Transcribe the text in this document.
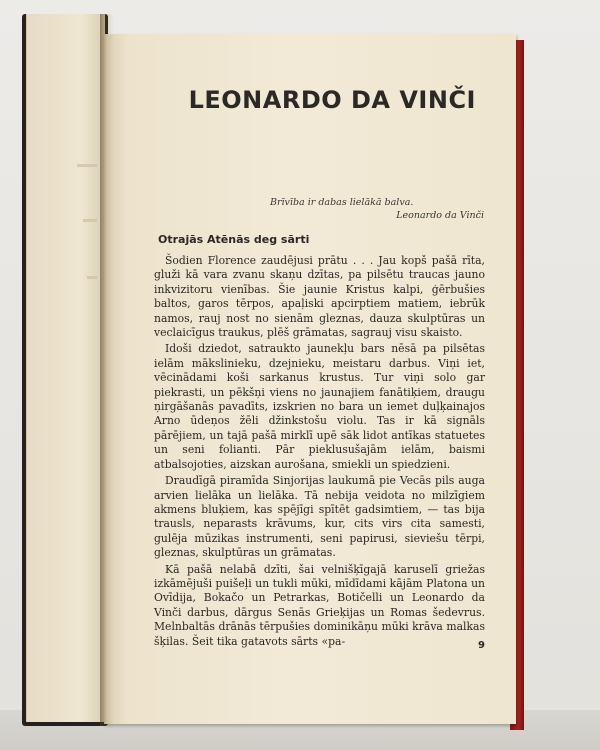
LEONARDO DA VINČI
Brīvība ir dabas lielākā balva.
Leonardo da Vinči
Otrajās Atēnās deg sārti

Šodien Florence zaudējusi prātu . . . Jau kopš pašā rīta, gluži kā vara zvanu skaņu dzītas, pa pilsētu traucas jauno inkvizitoru vienības. Šie jaunie Kristus kalpi, ģērbušies baltos, garos tērpos, apaļiski apcirptiem matiem, iebrūk namos, rauj nost no sienām gleznas, dauza skulptūras un veclaicīgus traukus, plēš grāmatas, sagrauj visu skaisto.

Idoši dziedot, satraukto jaunekļu bars nēsā pa pilsētas ielām mākslinieku, dzejnieku, meistaru darbus. Viņi iet, vēcinādami koši sarkanus krustus. Tur viņi solo gar piekrasti, un pēkšņi viens no jaunajiem fanātiķiem, draugu ņirgāšanās pavadīts, izskrien no bara un iemet duļķainajos Arno ūdeņos žēli džinkstošu violu. Tas ir kā signāls pārējiem, un tajā pašā mirklī upē sāk lidot antīkas statuetes un seni folianti. Pār pieklusušajām ielām, baismi atbalsojoties, aizskan aurošana, smiekli un spiedzieni.

Draudīgā piramīda Sinjorijas laukumā pie Vecās pils auga arvien lielāka un lielāka. Tā nebija veidota no milzīgiem akmens bluķiem, kas spējīgi spītēt gadsimtiem, — tas bija trausls, neparasts krāvums, kur, cits virs cita samesti, gulēja mūzikas instrumenti, seni papirusi, sieviešu tērpi, gleznas, skulptūras un grāmatas.

Kā pašā nelabā dzīti, šai velnišķīgajā karuselī griežas izkāmējuši puišeļi un tukli mūki, mīdīdami kājām Platona un Ovīdija, Bokačo un Petrarkas, Botičelli un Leonardo da Vinči darbus, dārgus Senās Grieķijas un Romas šedevrus. Melnbaltās drānās tērpušies dominikāņu mūki krāva malkas šķilas. Šeit tika gatavots sārts «pa-	9
